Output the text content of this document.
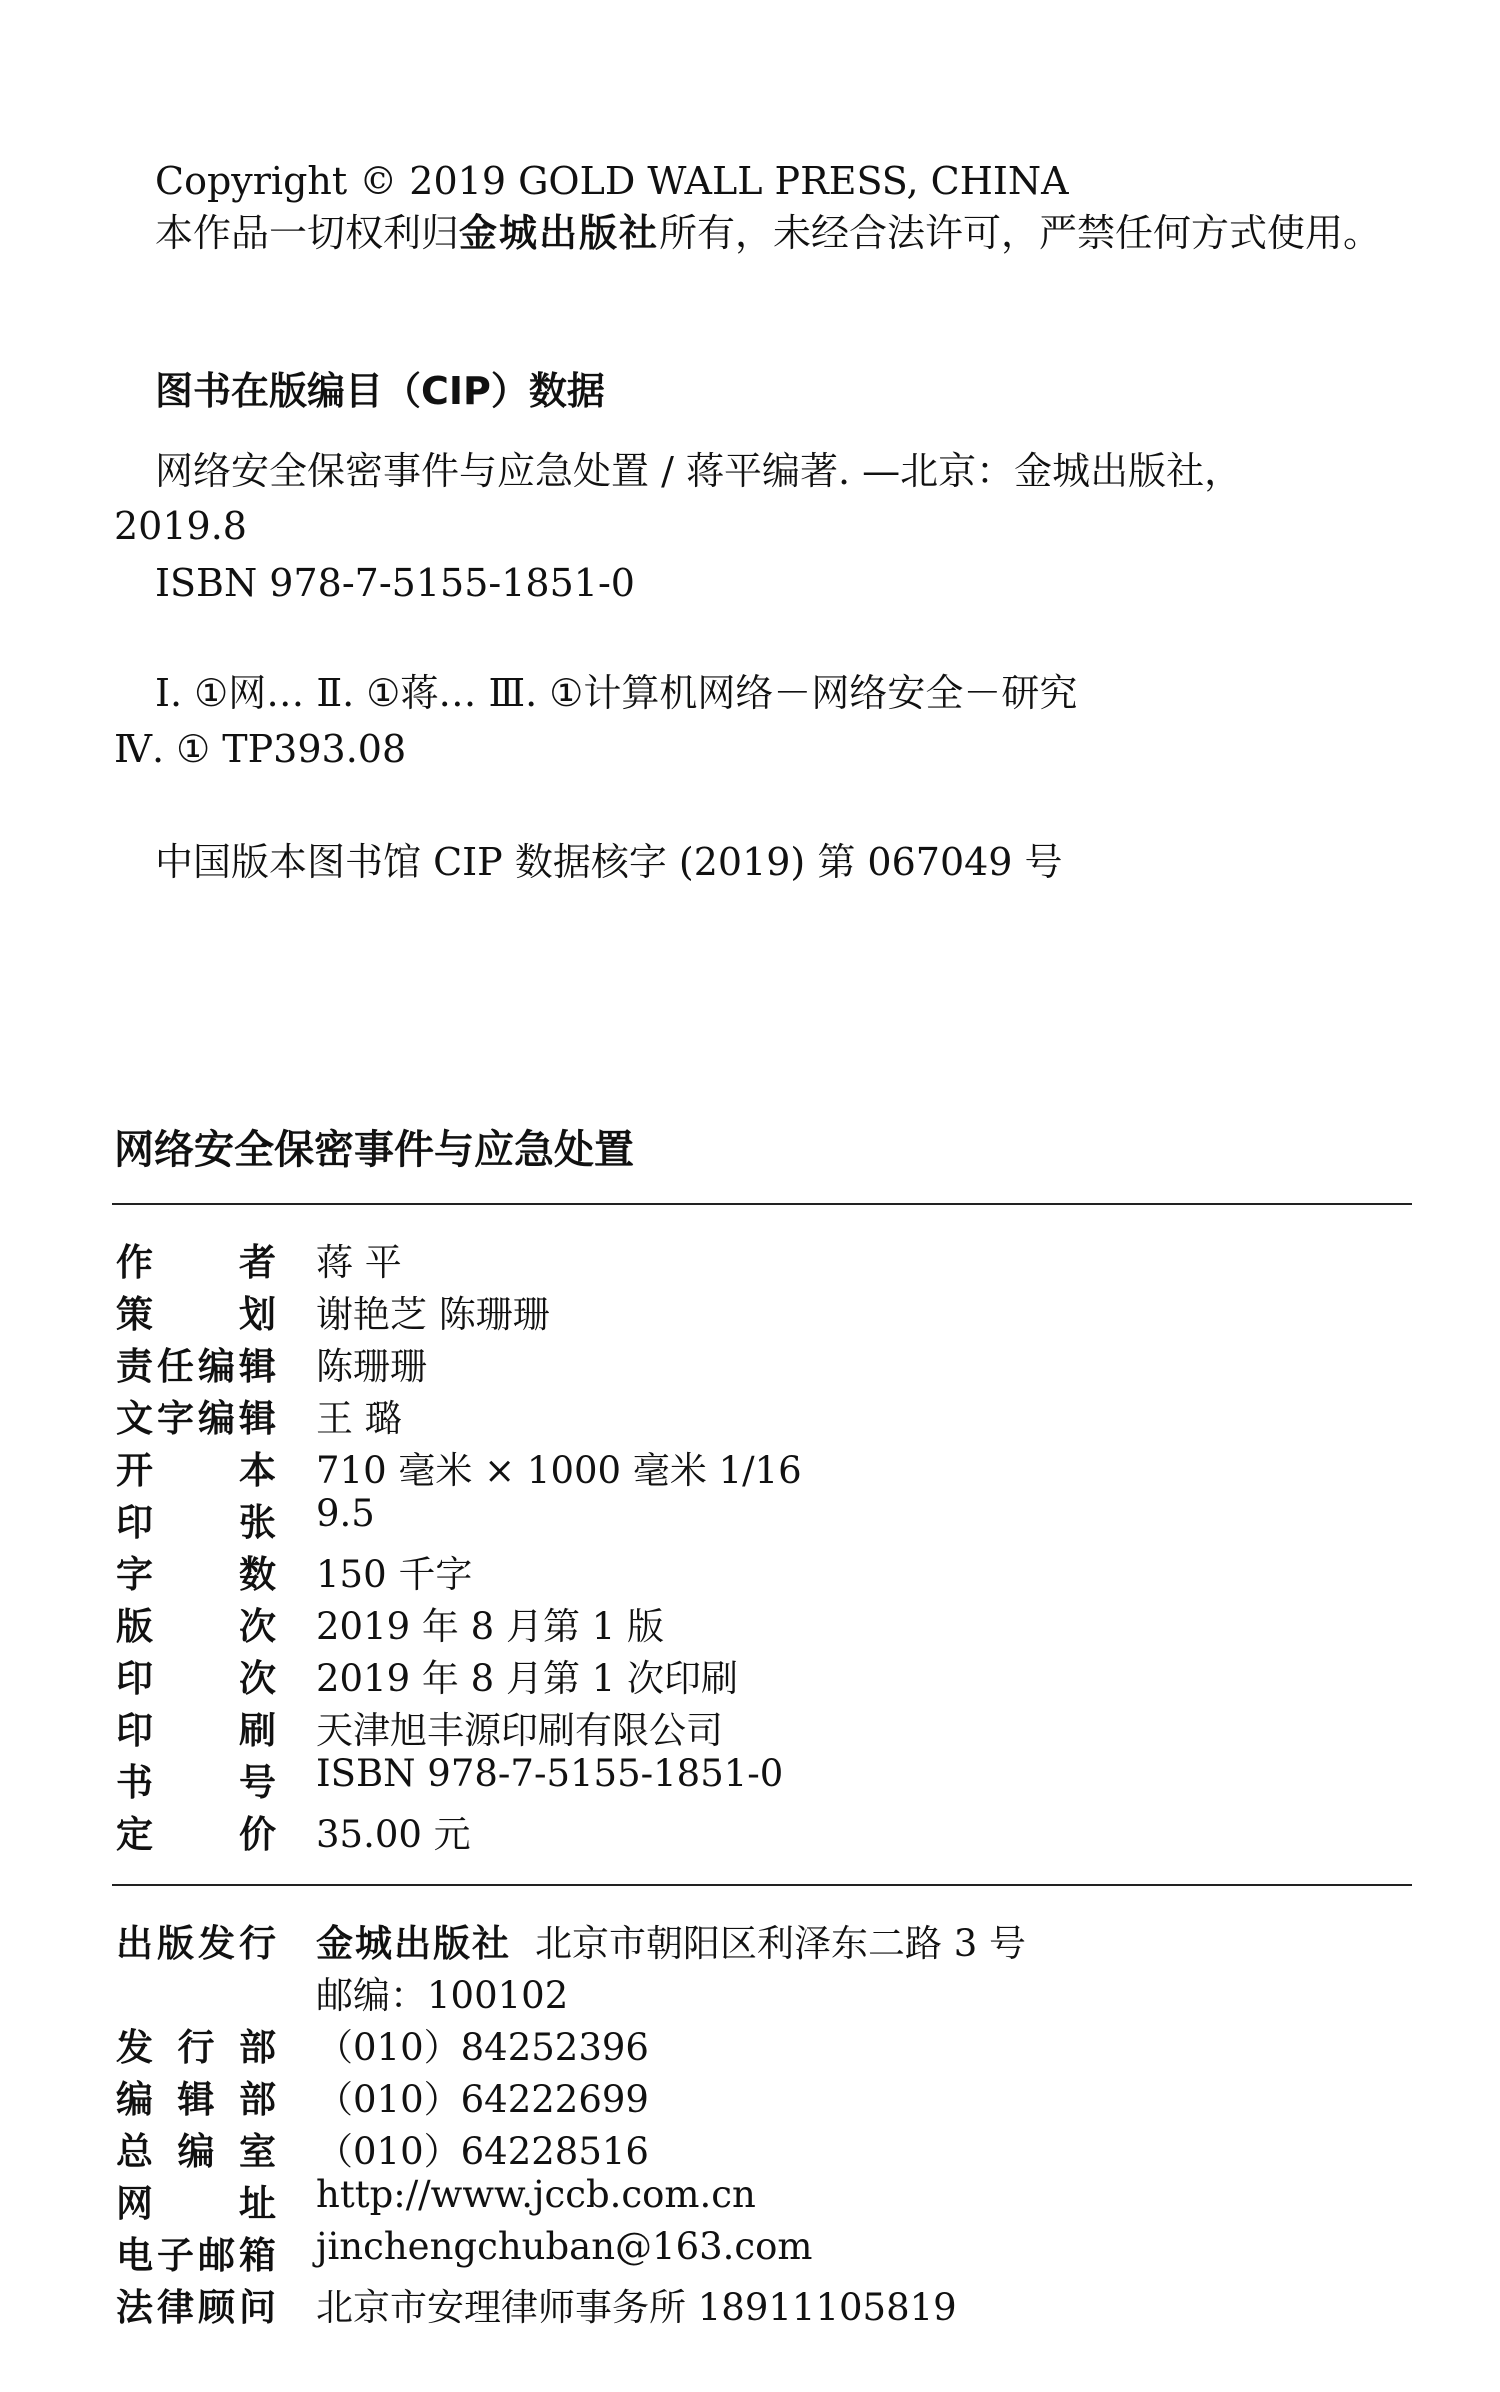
Copyright © 2019 GOLD WALL PRESS, CHINA
本作品一切权利归金城出版社所有，未经合法许可，严禁任何方式使用。
图书在版编目（CIP）数据
网络安全保密事件与应急处置 / 蒋平编著. —北京：金城出版社，
2019.8
ISBN 978-7-5155-1851-0
Ⅰ. ①网… Ⅱ. ①蒋… Ⅲ. ①计算机网络－网络安全－研究
Ⅳ. ① TP393.08
中国版本图书馆 CIP 数据核字 (2019) 第 067049 号
网络安全保密事件与应急处置
作者 蒋 平
策划 谢艳芝 陈珊珊
责任编辑 陈珊珊
文字编辑 王 璐
开本 710 毫米 × 1000 毫米 1/16
印张 9.5
字数 150 千字
版次 2019 年 8 月第 1 版
印次 2019 年 8 月第 1 次印刷
印刷 天津旭丰源印刷有限公司
书号 ISBN 978-7-5155-1851-0
定价 35.00 元
出版发行 金城出版社 北京市朝阳区利泽东二路 3 号
邮编：100102
发行部 （010）84252396
编辑部 （010）64222699
总编室 （010）64228516
网址 http://www.jccb.com.cn
电子邮箱 jinchengchuban@163.com
法律顾问 北京市安理律师事务所 18911105819
